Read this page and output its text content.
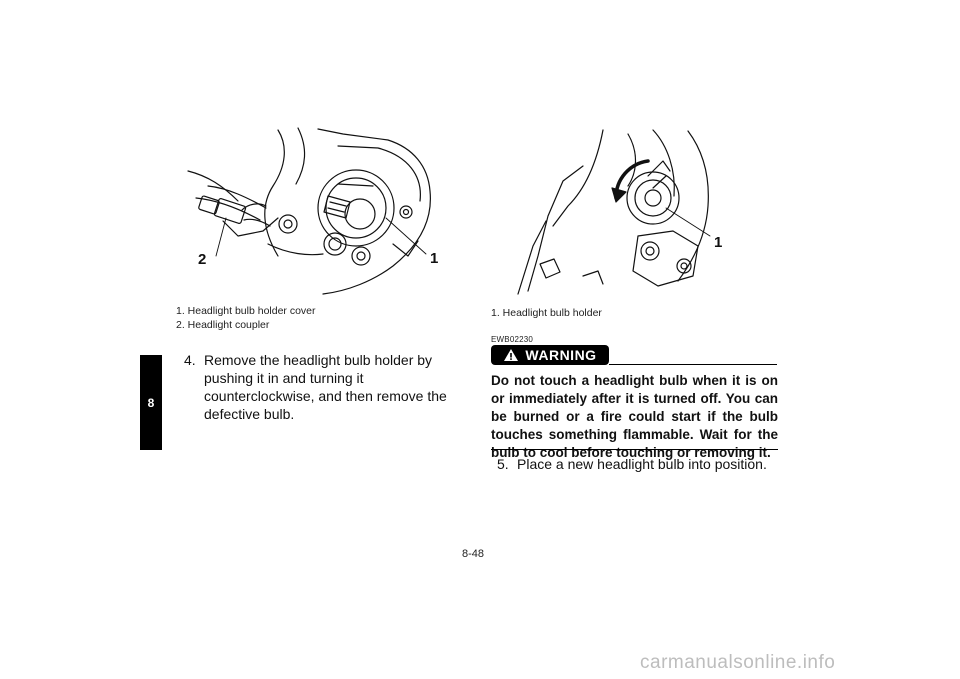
8
2	1
1. Headlight bulb holder cover
2. Headlight coupler
4. Remove the headlight bulb holder by pushing it in and turning it counterclockwise, and then remove the defective bulb.
1
1. Headlight bulb holder
EWB02230
WARNING
Do not touch a headlight bulb when it is on or immediately after it is turned off. You can be burned or a fire could start if the bulb touches something flammable. Wait for the bulb to cool before touching or removing it.
5. Place a new headlight bulb into position.
8-48
carmanualsonline.info
